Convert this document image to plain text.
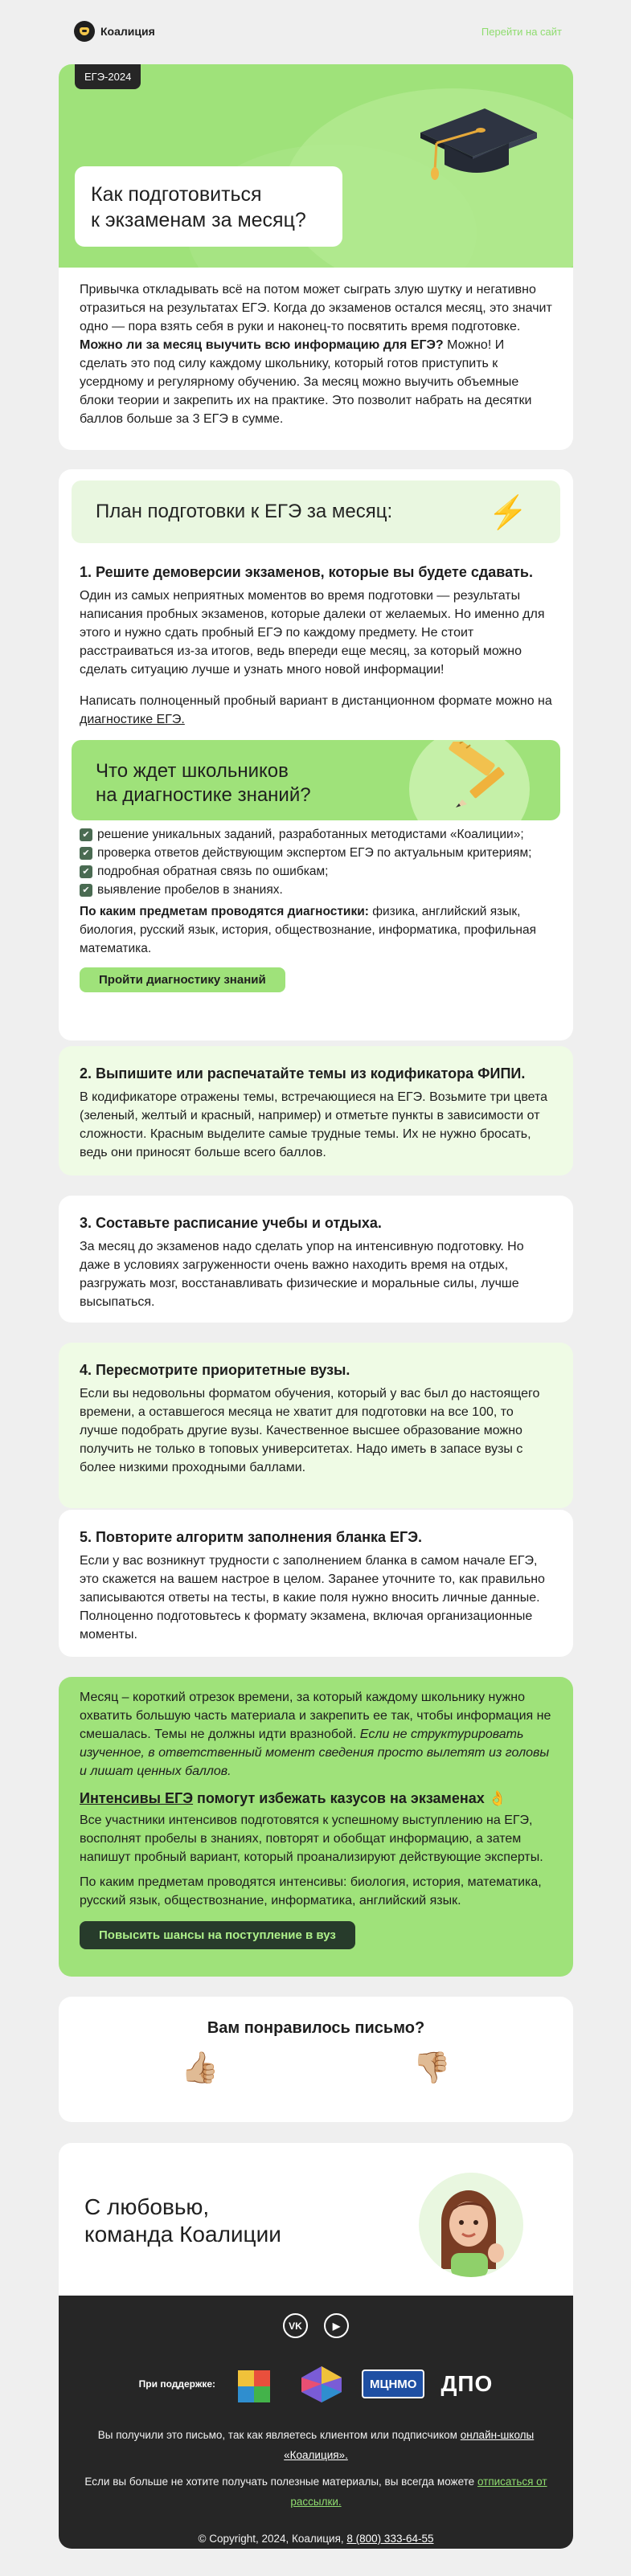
Коалиция	Перейти на сайт
ЕГЭ-2024
Как подготовиться
к экзаменам за месяц?

Привычка откладывать всё на потом может сыграть злую шутку и негативно отразиться на результатах ЕГЭ. Когда до экзаменов остался месяц, это значит одно — пора взять себя в руки и наконец-то посвятить время подготовке.

Можно ли за месяц выучить всю информацию для ЕГЭ? Можно! И сделать это под силу каждому школьнику, который готов приступить к усердному и регулярному обучению. За месяц можно выучить объемные блоки теории и закрепить их на практике. Это позволит набрать на десятки баллов больше за 3 ЕГЭ в сумме.

План подготовки к ЕГЭ за месяц:	⚡
1. Решите демоверсии экзаменов, которые вы будете сдавать.

Один из самых неприятных моментов во время подготовки — результаты написания пробных экзаменов, которые далеки от желаемых. Но именно для этого и нужно сдать пробный ЕГЭ по каждому предмету. Не стоит расстраиваться из-за итогов, ведь впереди еще месяц, за который можно сделать ситуацию лучше и узнать много новой информации!

Написать полноценный пробный вариант в дистанционном формате можно на диагностике ЕГЭ.

Что ждет школьников
на диагностике знаний?
✔ решение уникальных заданий, разработанных методистами «Коалиции»;
✔ проверка ответов действующим экспертом ЕГЭ по актуальным критериям;
✔ подробная обратная связь по ошибкам;
✔ выявление пробелов в знаниях.

По каким предметам проводятся диагностики: физика, английский язык, биология, русский язык, история, обществознание, информатика, профильная математика.

Пройти диагностику знаний
2. Выпишите или распечатайте темы из кодификатора ФИПИ.
В кодификаторе отражены темы, встречающиеся на ЕГЭ. Возьмите три цвета (зеленый, желтый и красный, например) и отметьте пункты в зависимости от сложности. Красным выделите самые трудные темы. Их не нужно бросать, ведь они приносят больше всего баллов.
3. Составьте расписание учебы и отдыха.
За месяц до экзаменов надо сделать упор на интенсивную подготовку. Но даже в условиях загруженности очень важно находить время на отдых, разгружать мозг, восстанавливать физические и моральные силы, лучше высыпаться.
4. Пересмотрите приоритетные вузы.
Если вы недовольны форматом обучения, который у вас был до настоящего времени, а оставшегося месяца не хватит для подготовки на все 100, то лучше подобрать другие вузы. Качественное высшее образование можно получить не только в топовых университетах. Надо иметь в запасе вузы с более низкими проходными баллами.
5. Повторите алгоритм заполнения бланка ЕГЭ.
Если у вас возникнут трудности с заполнением бланка в самом начале ЕГЭ, это скажется на вашем настрое в целом. Заранее уточните то, как правильно записываются ответы на тесты, в какие поля нужно вносить личные данные. Полноценно подготовьтесь к формату экзамена, включая организационные моменты.

Месяц – короткий отрезок времени, за который каждому школьнику нужно охватить большую часть материала и закрепить ее так, чтобы информация не смешалась. Темы не должны идти вразнобой. Если не структурировать изученное, в ответственный момент сведения просто вылетят из головы и лишат ценных баллов.

Интенсивы ЕГЭ помогут избежать казусов на экзаменах 👌

Все участники интенсивов подготовятся к успешному выступлению на ЕГЭ, восполнят пробелы в знаниях, повторят и обобщат информацию, а затем напишут пробный вариант, который проанализируют действующие эксперты.

По каким предметам проводятся интенсивы: биология, история, математика, русский язык, обществознание, информатика, английский язык.

Повысить шансы на поступление в вуз
Вам понравилось письмо?
👍🏼	👎🏼
С любовью,
команда Коалиции
VK	▶
При поддержке:	МЦНМО	ДПО

Вы получили это письмо, так как являетесь клиентом или подписчиком онлайн-школы «Коалиция».

Если вы больше не хотите получать полезные материалы, вы всегда можете отписаться от рассылки.

© Copyright, 2024, Коалиция, 8 (800) 333-64-55
